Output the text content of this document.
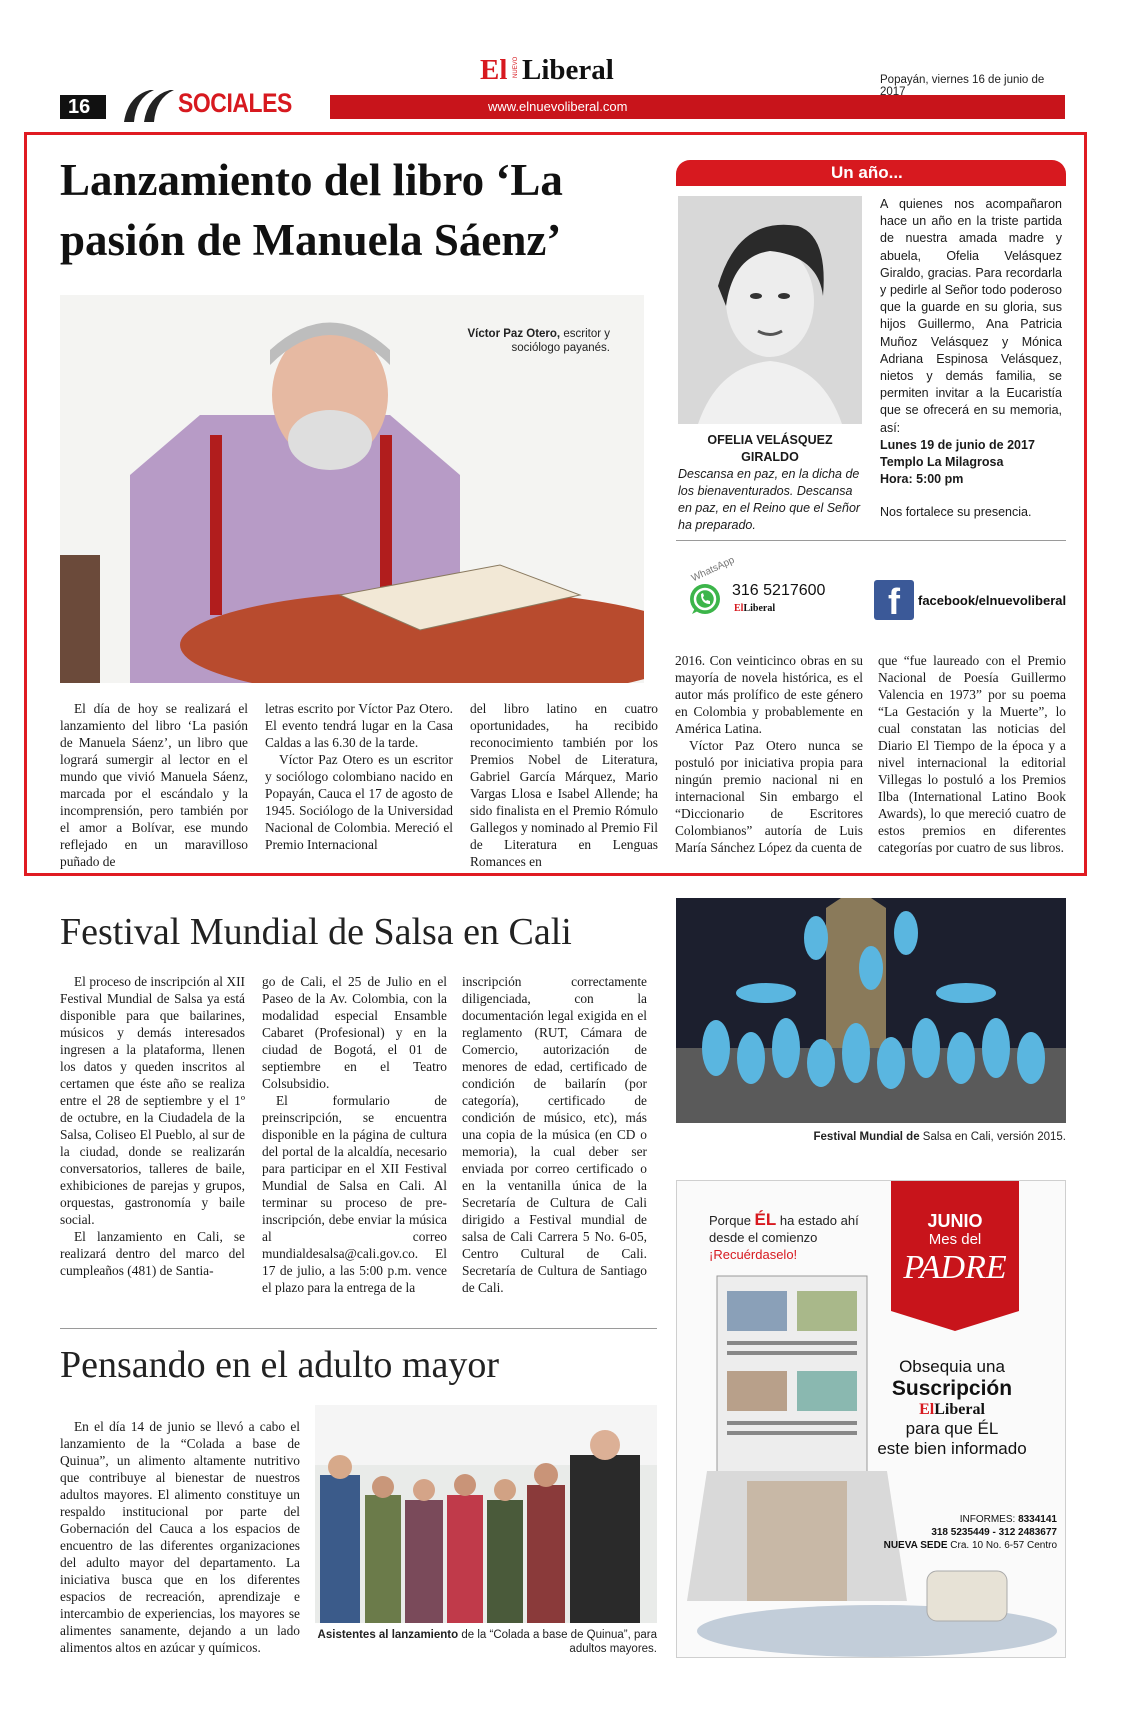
16	SOCIALES
El NUEVO Liberal
www.elnuevoliberal.com
Popayán, viernes 16 de junio de 2017
Lanzamiento del libro ‘La
pasión de Manuela Sáenz’
Víctor Paz Otero, escritor y sociólogo payanés.

El día de hoy se realizará el lanzamiento del libro ‘La pasión de Manuela Sáenz’, un libro que logrará sumergir al lector en el mundo que vivió Manuela Sáenz, marcada por el escándalo y la incomprensión, pero también por el amor a Bolívar, ese mundo reflejado en un maravilloso puñado de

letras escrito por Víctor Paz Otero. El evento tendrá lugar en la Casa Caldas a las 6.30 de la tarde.

Víctor Paz Otero es un escritor y sociólogo colombiano nacido en Popayán, Cauca el 17 de agosto de 1945. Sociólogo de la Universidad Nacional de Colombia. Mereció el Premio Internacional

del libro latino en cuatro oportunidades, ha recibido reconocimiento también por los Premios Nobel de Literatura, Gabriel García Márquez, Mario Vargas Llosa e Isabel Allende; ha sido finalista en el Premio Rómulo Gallegos y nominado al Premio Fil de Literatura en Lenguas Romances en

2016. Con veinticinco obras en su mayoría de novela histórica, es el autor más prolífico de este género en Colombia y probablemente en América Latina.

Víctor Paz Otero nunca se postuló por iniciativa propia para ningún premio nacional ni en internacional Sin embargo el “Diccionario de Escritores Colombianos” autoría de Luis María Sánchez López da cuenta de

que “fue laureado con el Premio Nacional de Poesía Guillermo Valencia en 1973” por su poema “La Gestación y la Muerte”, lo cual constatan las noticias del Diario El Tiempo de la época y a nivel internacional la editorial Villegas lo postuló a los Premios Ilba (International Latino Book Awards), lo que mereció cuatro de estos premios en diferentes categorías por cuatro de sus libros.

Un año...
OFELIA VELÁSQUEZ
GIRALDO
Descansa en paz, en la dicha de los bienaventurados. Descansa en paz, en el Reino que el Señor ha preparado.
A quienes nos acompañaron hace un año en la triste partida de nuestra amada madre y abuela, Ofelia Velásquez Giraldo, gracias. Para recordarla y pedirle al Señor todo poderoso que la guarde en su gloria, sus hijos Guillermo, Ana Patricia Muñoz Velásquez y Mónica Adriana Espinosa Velásquez, nietos y demás familia, se permiten invitar a la Eucaristía que se ofrecerá en su memoria, así:
Lunes 19 de junio de 2017
Templo La Milagrosa
Hora: 5:00 pm
Nos fortalece su presencia.
WhatsApp
316 5217600
ElLiberal	f facebook/elnuevoliberal
Festival Mundial de Salsa en Cali

El proceso de inscripción al XII Festival Mundial de Salsa ya está disponible para que bailarines, músicos y demás interesados ingresen a la plataforma, llenen los datos y queden inscritos al certamen que éste año se realiza entre el 28 de septiembre y el 1º de octubre, en la Ciudadela de la Salsa, Coliseo El Pueblo, al sur de la ciudad, donde se realizarán conversatorios, talleres de baile, exhibiciones de parejas y grupos, orquestas, gastronomía y baile social.

El lanzamiento en Cali, se realizará dentro del marco del cumpleaños (481) de Santia-

go de Cali, el 25 de Julio en el Paseo de la Av. Colombia, con la modalidad especial Ensamble Cabaret (Profesional) y en la ciudad de Bogotá, el 01 de septiembre en el Teatro Colsubsidio.

El formulario de preinscripción, se encuentra disponible en la página de cultura del portal de la alcaldía, necesario para participar en el XII Festival Mundial de Salsa en Cali. Al terminar su proceso de pre-inscripción, debe enviar la música al correo mundialdesalsa@cali.gov.co. El 17 de julio, a las 5:00 p.m. vence el plazo para la entrega de la

inscripción correctamente diligenciada, con la documentación legal exigida en el reglamento (RUT, Cámara de Comercio, autorización de menores de edad, certificado de condición de bailarín (por categoría), certificado de condición de músico, etc), más una copia de la música (en CD o memoria), la cual deber ser enviada por correo certificado o en la ventanilla única de la Secretaría de Cultura de Cali dirigido a Festival mundial de salsa de Cali Carrera 5 No. 6-05, Centro Cultural de Cali. Secretaría de Cultura de Santiago de Cali.

Festival Mundial de Salsa en Cali, versión 2015.
Pensando en el adulto mayor

En el día 14 de junio se llevó a cabo el lanzamiento de la “Colada a base de Quinua”, un alimento altamente nutritivo que contribuye al bienestar de nuestros adultos mayores. El alimento constituye un respaldo institucional por parte del Gobernación del Cauca a los espacios de encuentro de las diferentes organizaciones del adulto mayor del departamento. La iniciativa busca que en los diferentes espacios de recreación, aprendizaje e intercambio de experiencias, los mayores se alimentes sanamente, dejando a un lado alimentos altos en azúcar y químicos.

Asistentes al lanzamiento de la “Colada a base de Quinua”, para adultos mayores.
Porque ÉL ha estado ahí
desde el comienzo
¡Recuérdaselo!
JUNIO
Mes del
PADRE
Obsequia una
Suscripción
ElLiberal
para que ÉL
este bien informado
INFORMES: 8334141
318 5235449 - 312 2483677
NUEVA SEDE Cra. 10 No. 6-57 Centro
